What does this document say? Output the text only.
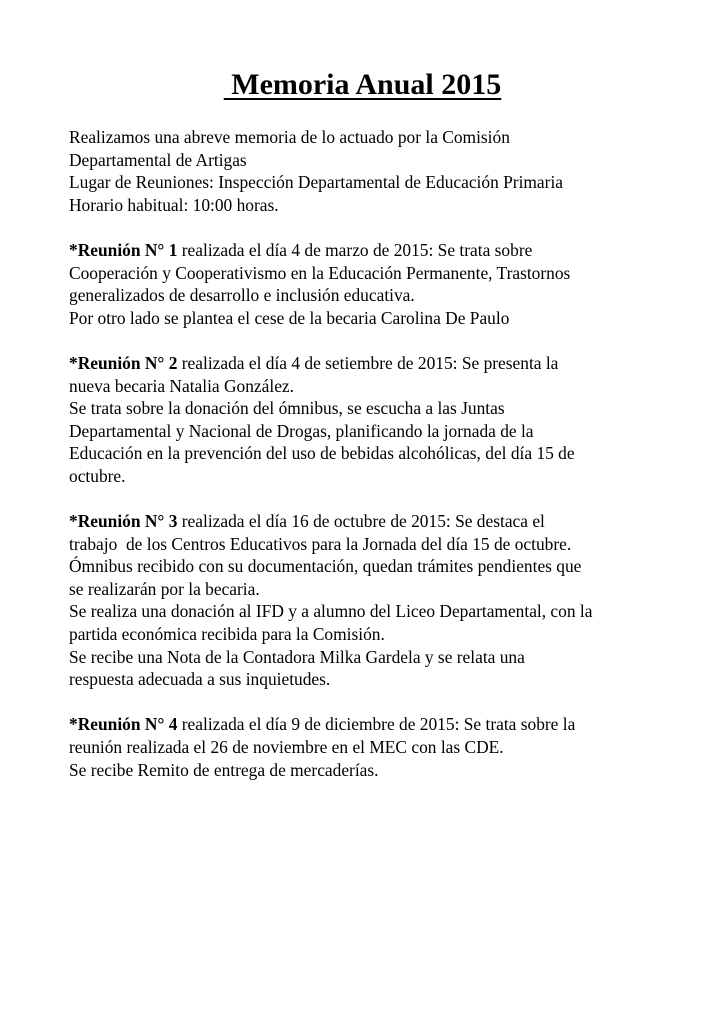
Memoria Anual 2015
Realizamos una abreve memoria de lo actuado por la Comisión
Departamental de Artigas
Lugar de Reuniones: Inspección Departamental de Educación Primaria
Horario habitual: 10:00 horas.
*Reunión N° 1 realizada el día 4 de marzo de 2015: Se trata sobre
Cooperación y Cooperativismo en la Educación Permanente, Trastornos
generalizados de desarrollo e inclusión educativa.
Por otro lado se plantea el cese de la becaria Carolina De Paulo
*Reunión N° 2 realizada el día 4 de setiembre de 2015: Se presenta la
nueva becaria Natalia González.
Se trata sobre la donación del ómnibus, se escucha a las Juntas
Departamental y Nacional de Drogas, planificando la jornada de la
Educación en la prevención del uso de bebidas alcohólicas, del día 15 de
octubre.
*Reunión N° 3 realizada el día 16 de octubre de 2015: Se destaca el
trabajo  de los Centros Educativos para la Jornada del día 15 de octubre.
Ómnibus recibido con su documentación, quedan trámites pendientes que
se realizarán por la becaria.
Se realiza una donación al IFD y a alumno del Liceo Departamental, con la
partida económica recibida para la Comisión.
Se recibe una Nota de la Contadora Milka Gardela y se relata una
respuesta adecuada a sus inquietudes.
*Reunión N° 4 realizada el día 9 de diciembre de 2015: Se trata sobre la
reunión realizada el 26 de noviembre en el MEC con las CDE.
Se recibe Remito de entrega de mercaderías.
